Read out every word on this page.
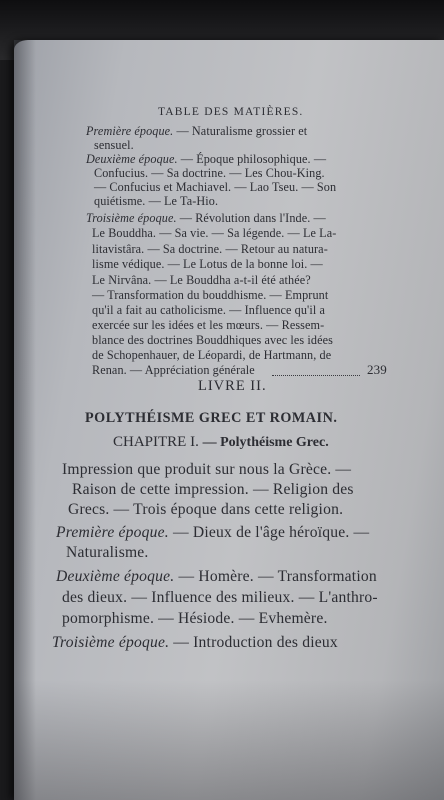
TABLE DES MATIÈRES.
Première époque. — Naturalisme grossier et
sensuel.
Deuxième époque. — Époque philosophique. —
Confucius. — Sa doctrine. — Les Chou-King.
— Confucius et Machiavel. — Lao Tseu. — Son
quiétisme. — Le Ta-Hio.
Troisième époque. — Révolution dans l'Inde. —
Le Bouddha. — Sa vie. — Sa légende. — Le La-
litavistâra. — Sa doctrine. — Retour au natura-
lisme védique. — Le Lotus de la bonne loi. —
Le Nirvâna. — Le Bouddha a-t-il été athée?
— Transformation du bouddhisme. — Emprunt
qu'il a fait au catholicisme. — Influence qu'il a
exercée sur les idées et les mœurs. — Ressem-
blance des doctrines Bouddhiques avec les idées
de Schopenhauer, de Léopardi, de Hartmann, de
Renan. — Appréciation générale	239
LIVRE II.
POLYTHÉISME GREC ET ROMAIN.
CHAPITRE I. — Polythéisme Grec.
Impression que produit sur nous la Grèce. —
Raison de cette impression. — Religion des
Grecs. — Trois époque dans cette religion.
Première époque. — Dieux de l'âge héroïque. —
Naturalisme.
Deuxième époque. — Homère. — Transformation
des dieux. — Influence des milieux. — L'anthro-
pomorphisme. — Hésiode. — Evhemère.
Troisième époque. — Introduction des dieux
